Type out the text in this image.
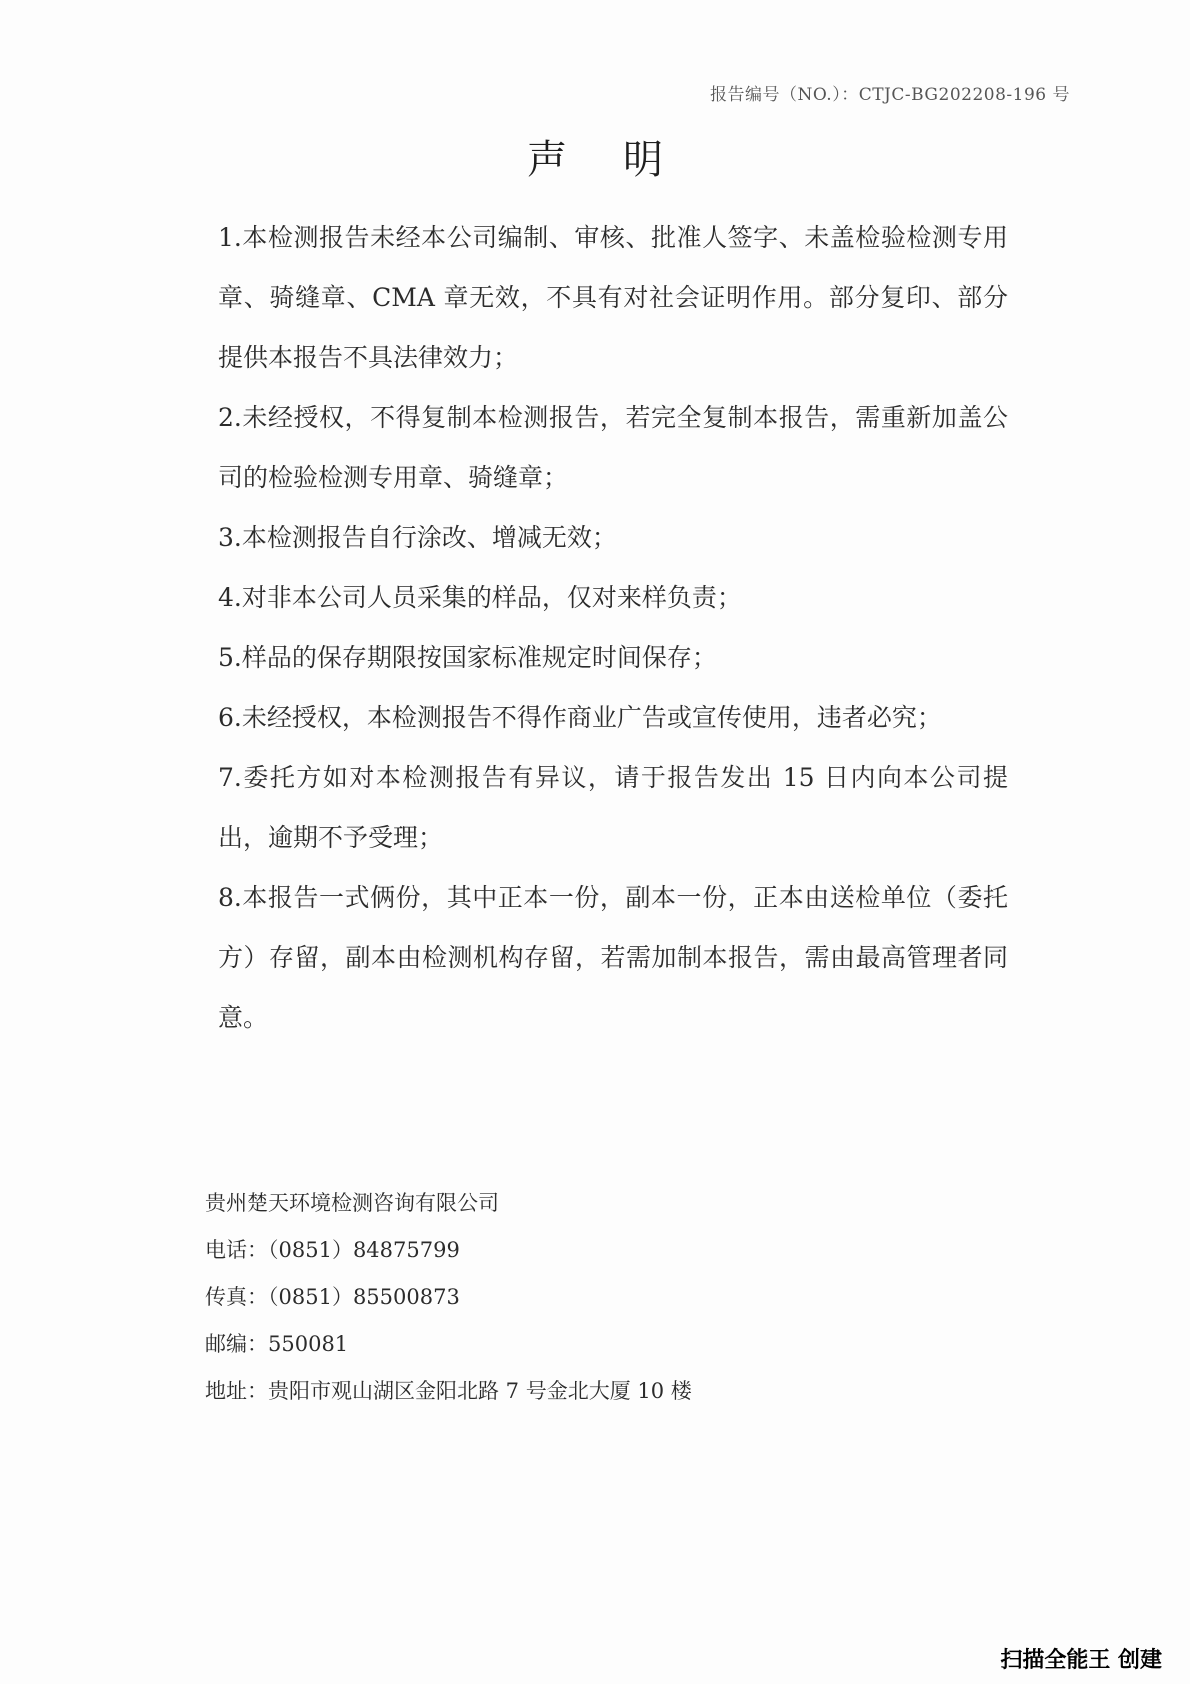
报告编号（NO.）：CTJC-BG202208-196 号
声明

1.本检测报告未经本公司编制、审核、批准人签字、未盖检验检测专用章、骑缝章、CMA 章无效，不具有对社会证明作用。部分复印、部分提供本报告不具法律效力；

2.未经授权，不得复制本检测报告，若完全复制本报告，需重新加盖公司的检验检测专用章、骑缝章；

3.本检测报告自行涂改、增减无效；

4.对非本公司人员采集的样品，仅对来样负责；

5.样品的保存期限按国家标准规定时间保存；

6.未经授权，本检测报告不得作商业广告或宣传使用，违者必究；

7.委托方如对本检测报告有异议，请于报告发出 15 日内向本公司提出，逾期不予受理；

8.本报告一式俩份，其中正本一份，副本一份，正本由送检单位（委托方）存留，副本由检测机构存留，若需加制本报告，需由最高管理者同意。

贵州楚天环境检测咨询有限公司
电话：（0851）84875799
传真：（0851）85500873
邮编：550081
地址：贵阳市观山湖区金阳北路 7 号金北大厦 10 楼
扫描全能王 创建
